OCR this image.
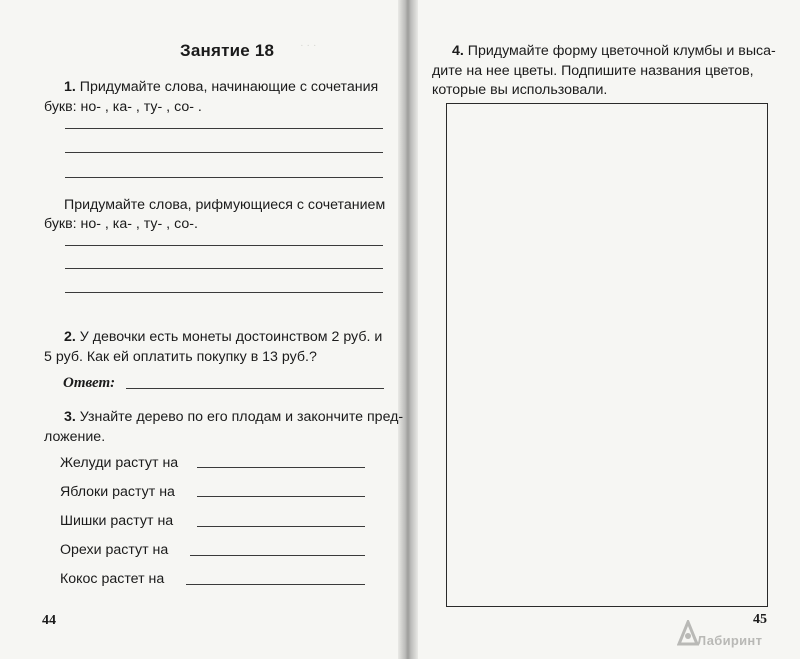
· · ·
Занятие 18
1. Придумайте слова, начинающие с сочетания
букв: но- , ка- , ту- , со- .
Придумайте слова, рифмующиеся с сочетанием
букв: но- , ка- , ту- , со-.
2. У девочки есть монеты достоинством 2 руб. и
5 руб. Как ей оплатить покупку в 13 руб.?
Ответ:
3. Узнайте дерево по его плодам и закончите пред-
ложение.
Желуди растут на
Яблоки растут на
Шишки растут на
Орехи растут на
Кокос растет на
44
4. Придумайте форму цветочной клумбы и выса-
дите на нее цветы. Подпишите названия цветов,
которые вы использовали.
45
Лабиринт
